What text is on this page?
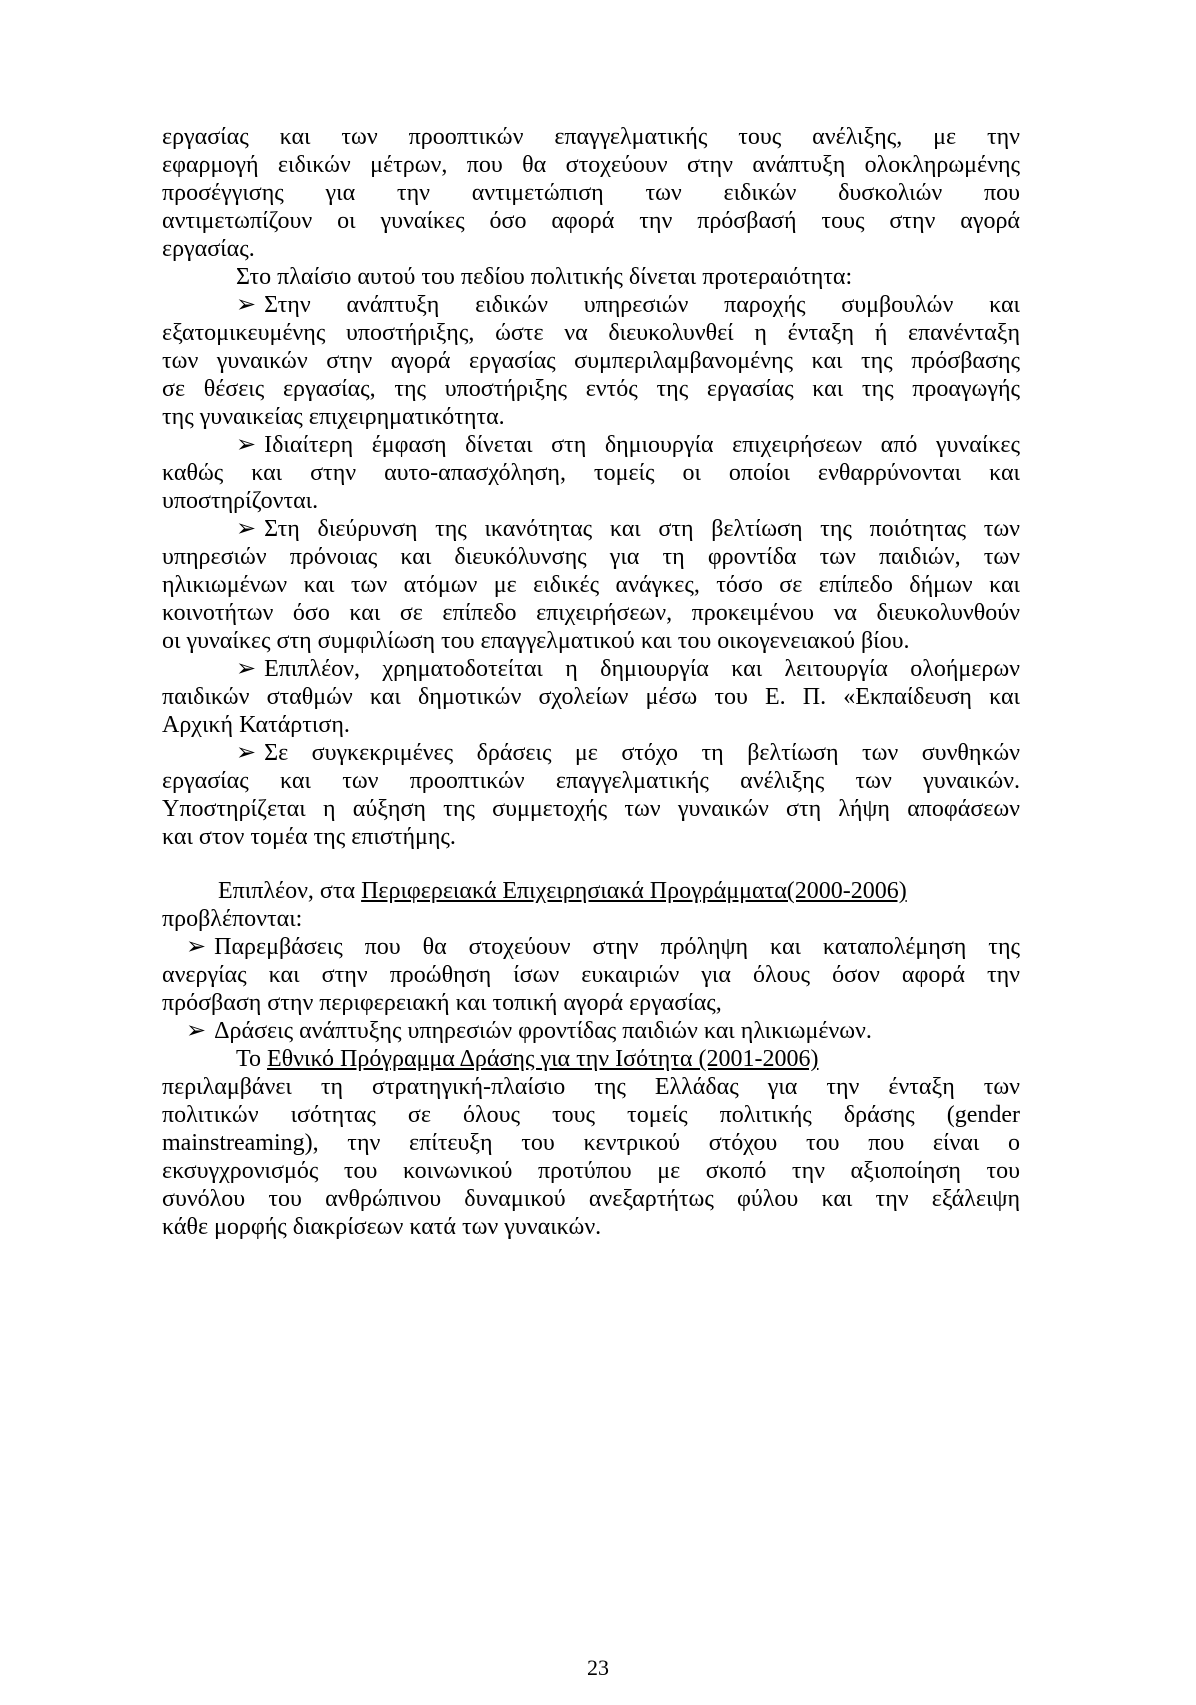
εργασίας και των προοπτικών επαγγελματικής τους ανέλιξης, με την
εφαρμογή ειδικών μέτρων, που θα στοχεύουν στην ανάπτυξη ολοκληρωμένης
προσέγγισης για την αντιμετώπιση των ειδικών δυσκολιών που
αντιμετωπίζουν οι γυναίκες όσο αφορά την πρόσβασή τους στην αγορά
εργασίας.
Στο πλαίσιο αυτού του πεδίου πολιτικής δίνεται προτεραιότητα:
➢ Στην ανάπτυξη ειδικών υπηρεσιών παροχής συμβουλών και
εξατομικευμένης υποστήριξης, ώστε να διευκολυνθεί η ένταξη ή επανένταξη
των γυναικών στην αγορά εργασίας συμπεριλαμβανομένης και της πρόσβασης
σε θέσεις εργασίας, της υποστήριξης εντός της εργασίας και της προαγωγής
της γυναικείας επιχειρηματικότητα.
➢ Ιδιαίτερη έμφαση δίνεται στη δημιουργία επιχειρήσεων από γυναίκες
καθώς και στην αυτο-απασχόληση, τομείς οι οποίοι ενθαρρύνονται και
υποστηρίζονται.
➢ Στη διεύρυνση της ικανότητας και στη βελτίωση της ποιότητας των
υπηρεσιών πρόνοιας και διευκόλυνσης για τη φροντίδα των παιδιών, των
ηλικιωμένων και των ατόμων με ειδικές ανάγκες, τόσο σε επίπεδο δήμων και
κοινοτήτων όσο και σε επίπεδο επιχειρήσεων, προκειμένου να διευκολυνθούν
οι γυναίκες στη συμφιλίωση του επαγγελματικού και του οικογενειακού βίου.
➢ Επιπλέον, χρηματοδοτείται η δημιουργία και λειτουργία ολοήμερων
παιδικών σταθμών και δημοτικών σχολείων μέσω του Ε. Π. «Εκπαίδευση και
Αρχική Κατάρτιση.
➢ Σε συγκεκριμένες δράσεις με στόχο τη βελτίωση των συνθηκών
εργασίας και των προοπτικών επαγγελματικής ανέλιξης των γυναικών.
Υποστηρίζεται η αύξηση της συμμετοχής των γυναικών στη λήψη αποφάσεων
και στον τομέα της επιστήμης.
Επιπλέον, στα Περιφερειακά Επιχειρησιακά Προγράμματα(2000-2006)
προβλέπονται:
➢ Παρεμβάσεις που θα στοχεύουν στην πρόληψη και καταπολέμηση της
ανεργίας και στην προώθηση ίσων ευκαιριών για όλους όσον αφορά την
πρόσβαση στην περιφερειακή και τοπική αγορά εργασίας,
➢ Δράσεις ανάπτυξης υπηρεσιών φροντίδας παιδιών και ηλικιωμένων.
Το Εθνικό Πρόγραμμα Δράσης για την Ισότητα (2001-2006)
περιλαμβάνει τη στρατηγική-πλαίσιο της Ελλάδας για την ένταξη των
πολιτικών ισότητας σε όλους τους τομείς πολιτικής δράσης (gender
mainstreaming), την επίτευξη του κεντρικού στόχου του που είναι ο
εκσυγχρονισμός του κοινωνικού προτύπου με σκοπό την αξιοποίηση του
συνόλου του ανθρώπινου δυναμικού ανεξαρτήτως φύλου και την εξάλειψη
κάθε μορφής διακρίσεων κατά των γυναικών.
23
